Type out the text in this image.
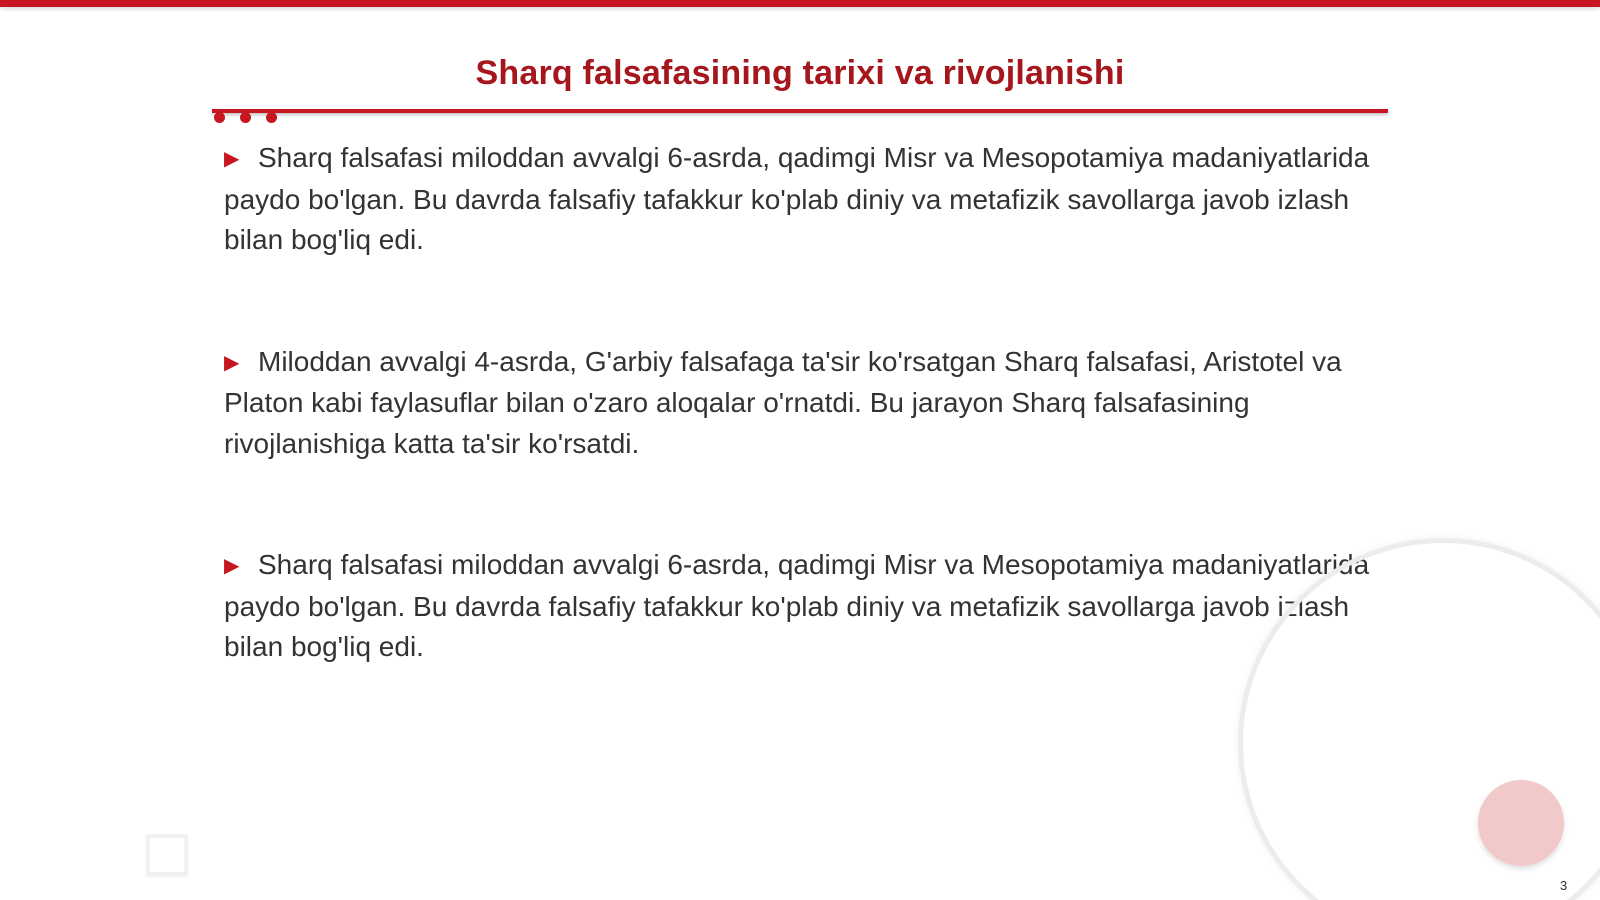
Sharq falsafasining tarixi va rivojlanishi

▶ Sharq falsafasi miloddan avvalgi 6-asrda, qadimgi Misr va Mesopotamiya madaniyatlarida paydo bo'lgan. Bu davrda falsafiy tafakkur ko'plab diniy va metafizik savollarga javob izlash bilan bog'liq edi.

▶ Miloddan avvalgi 4-asrda, G'arbiy falsafaga ta'sir ko'rsatgan Sharq falsafasi, Aristotel va Platon kabi faylasuflar bilan o'zaro aloqalar o'rnatdi. Bu jarayon Sharq falsafasining rivojlanishiga katta ta'sir ko'rsatdi.

▶ Sharq falsafasi miloddan avvalgi 6-asrda, qadimgi Misr va Mesopotamiya madaniyatlarida paydo bo'lgan. Bu davrda falsafiy tafakkur ko'plab diniy va metafizik savollarga javob izlash bilan bog'liq edi.

3
